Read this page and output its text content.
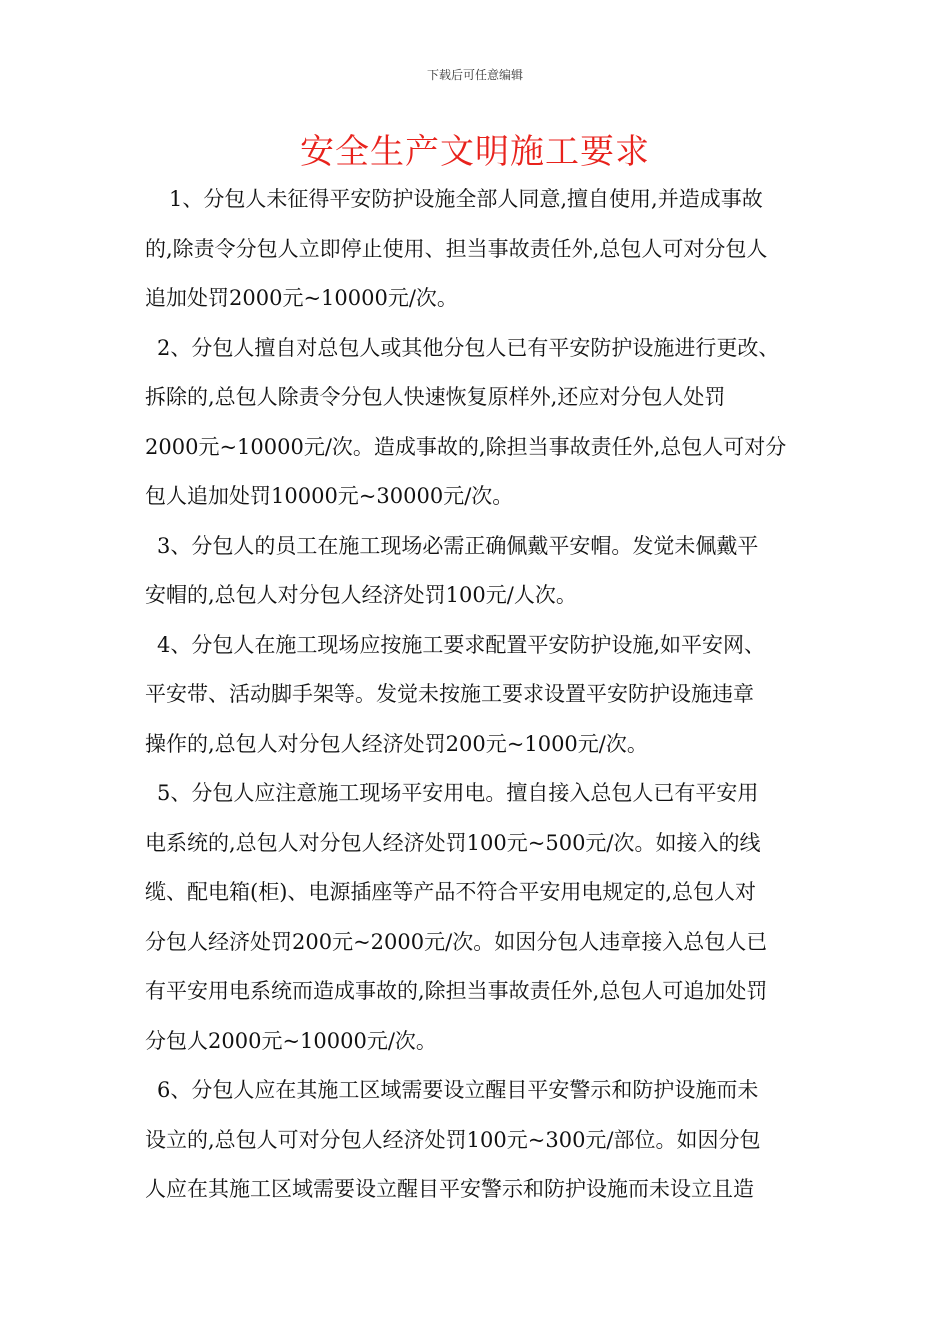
下载后可任意编辑
安全生产文明施工要求
1、分包人未征得平安防护设施全部人同意,擅自使用,并造成事故
的,除责令分包人立即停止使用、担当事故责任外,总包人可对分包人
追加处罚2000元~10000元/次。
2、分包人擅自对总包人或其他分包人已有平安防护设施进行更改、
拆除的,总包人除责令分包人快速恢复原样外,还应对分包人处罚
2000元~10000元/次。造成事故的,除担当事故责任外,总包人可对分
包人追加处罚10000元~30000元/次。
3、分包人的员工在施工现场必需正确佩戴平安帽。发觉未佩戴平
安帽的,总包人对分包人经济处罚100元/人次。
4、分包人在施工现场应按施工要求配置平安防护设施,如平安网、
平安带、活动脚手架等。发觉未按施工要求设置平安防护设施违章
操作的,总包人对分包人经济处罚200元~1000元/次。
5、分包人应注意施工现场平安用电。擅自接入总包人已有平安用
电系统的,总包人对分包人经济处罚100元~500元/次。如接入的线
缆、配电箱(柜)、电源插座等产品不符合平安用电规定的,总包人对
分包人经济处罚200元~2000元/次。如因分包人违章接入总包人已
有平安用电系统而造成事故的,除担当事故责任外,总包人可追加处罚
分包人2000元~10000元/次。
6、分包人应在其施工区域需要设立醒目平安警示和防护设施而未
设立的,总包人可对分包人经济处罚100元~300元/部位。如因分包
人应在其施工区域需要设立醒目平安警示和防护设施而未设立且造
